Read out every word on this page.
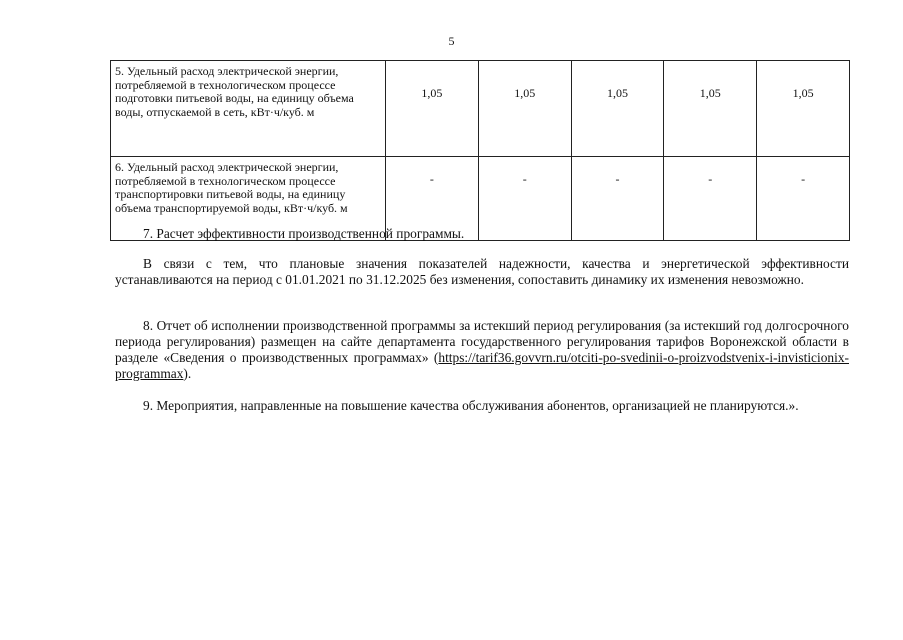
5
5. Удельный расход электрической энергии, потребляемой в технологическом процессе подготовки питьевой воды, на единицу объема воды, отпускаемой в сеть, кВт·ч/куб. м	1,05	1,05	1,05	1,05	1,05
6. Удельный расход электрической энергии, потребляемой в технологическом процессе транспортировки питьевой воды, на единицу объема транспортируемой воды, кВт·ч/куб. м	-	-	-	-	-

7. Расчет эффективности производственной программы.

В связи с тем, что плановые значения показателей надежности, качества и энергетической эффективности устанавливаются на период с 01.01.2021 по 31.12.2025 без изменения, сопоставить динамику их изменения невозможно.

8. Отчет об исполнении производственной программы за истекший период регулирования (за истекший год долгосрочного периода регулирования) размещен на сайте департамента государственного регулирования тарифов Воронежской области в разделе «Сведения о производственных программах» (https://tarif36.govvrn.ru/otciti-po-svedinii-o-proizvodstvenix-i-invisticionix-programmax).

9. Мероприятия, направленные на повышение качества обслуживания абонентов, организацией не планируются.».
